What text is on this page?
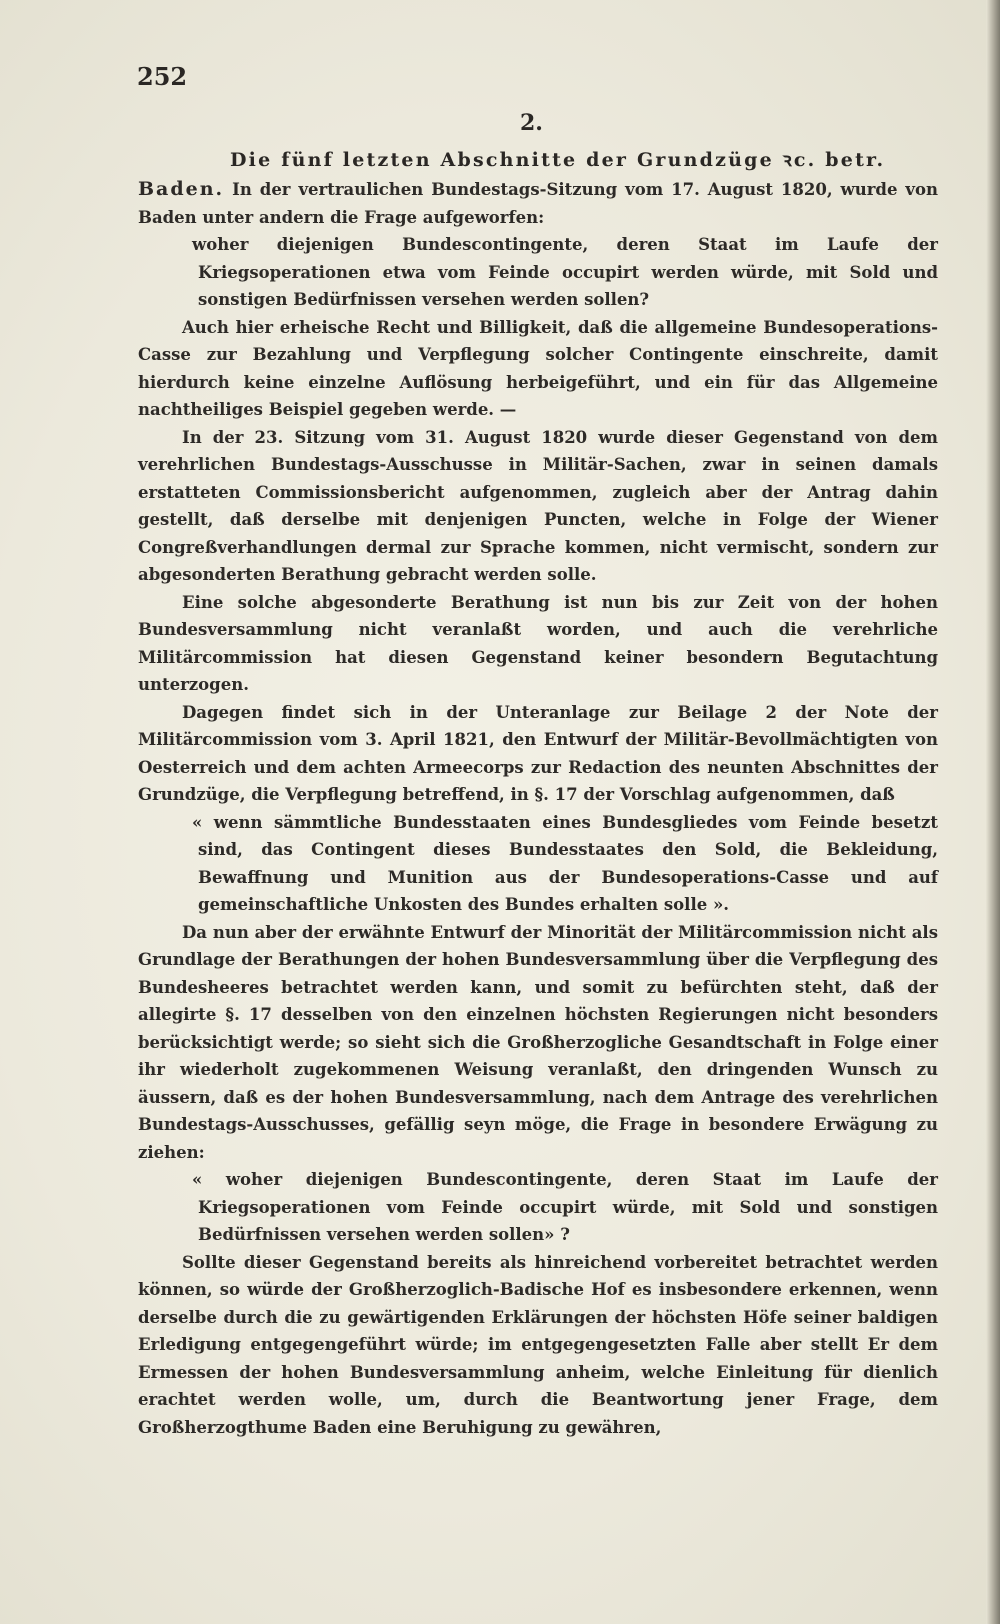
252
2.
Die fünf letzten Abschnitte der Grundzüge ꝛc. betr.

Baden. In der vertraulichen Bundestags-Sitzung vom 17. August 1820, wurde von Baden unter andern die Frage aufgeworfen:

woher diejenigen Bundescontingente, deren Staat im Laufe der Kriegsoperationen etwa vom Feinde occupirt werden würde, mit Sold und sonstigen Bedürfnissen versehen werden sollen?

Auch hier erheische Recht und Billigkeit, daß die allgemeine Bundesoperations-Casse zur Bezahlung und Verpflegung solcher Contingente einschreite, damit hierdurch keine einzelne Auflösung herbeigeführt, und ein für das Allgemeine nachtheiliges Beispiel gegeben werde. —

In der 23. Sitzung vom 31. August 1820 wurde dieser Gegenstand von dem verehrlichen Bundestags-Ausschusse in Militär-Sachen, zwar in seinen damals erstatteten Commissionsbericht aufgenommen, zugleich aber der Antrag dahin gestellt, daß derselbe mit denjenigen Puncten, welche in Folge der Wiener Congreßverhandlungen dermal zur Sprache kommen, nicht vermischt, sondern zur abgesonderten Berathung gebracht werden solle.

Eine solche abgesonderte Berathung ist nun bis zur Zeit von der hohen Bundesversammlung nicht veranlaßt worden, und auch die verehrliche Militärcommission hat diesen Gegenstand keiner besondern Begutachtung unterzogen.

Dagegen findet sich in der Unteranlage zur Beilage 2 der Note der Militärcommission vom 3. April 1821, den Entwurf der Militär-Bevollmächtigten von Oesterreich und dem achten Armeecorps zur Redaction des neunten Abschnittes der Grundzüge, die Verpflegung betreffend, in §. 17 der Vorschlag aufgenommen, daß

« wenn sämmtliche Bundesstaaten eines Bundesgliedes vom Feinde besetzt sind, das Contingent dieses Bundesstaates den Sold, die Bekleidung, Bewaffnung und Munition aus der Bundesoperations-Casse und auf gemeinschaftliche Unkosten des Bundes erhalten solle ».

Da nun aber der erwähnte Entwurf der Minorität der Militärcommission nicht als Grundlage der Berathungen der hohen Bundesversammlung über die Verpflegung des Bundesheeres betrachtet werden kann, und somit zu befürchten steht, daß der allegirte §. 17 desselben von den einzelnen höchsten Regierungen nicht besonders berücksichtigt werde; so sieht sich die Großherzogliche Gesandtschaft in Folge einer ihr wiederholt zugekommenen Weisung veranlaßt, den dringenden Wunsch zu äussern, daß es der hohen Bundesversammlung, nach dem Antrage des verehrlichen Bundestags-Ausschusses, gefällig seyn möge, die Frage in besondere Erwägung zu ziehen:

« woher diejenigen Bundescontingente, deren Staat im Laufe der Kriegsoperationen vom Feinde occupirt würde, mit Sold und sonstigen Bedürfnissen versehen werden sollen» ?

Sollte dieser Gegenstand bereits als hinreichend vorbereitet betrachtet werden können, so würde der Großherzoglich-Badische Hof es insbesondere erkennen, wenn derselbe durch die zu gewärtigenden Erklärungen der höchsten Höfe seiner baldigen Erledigung entgegengeführt würde; im entgegengesetzten Falle aber stellt Er dem Ermessen der hohen Bundesversammlung anheim, welche Einleitung für dienlich erachtet werden wolle, um, durch die Beantwortung jener Frage, dem Großherzogthume Baden eine Beruhigung zu gewähren,
